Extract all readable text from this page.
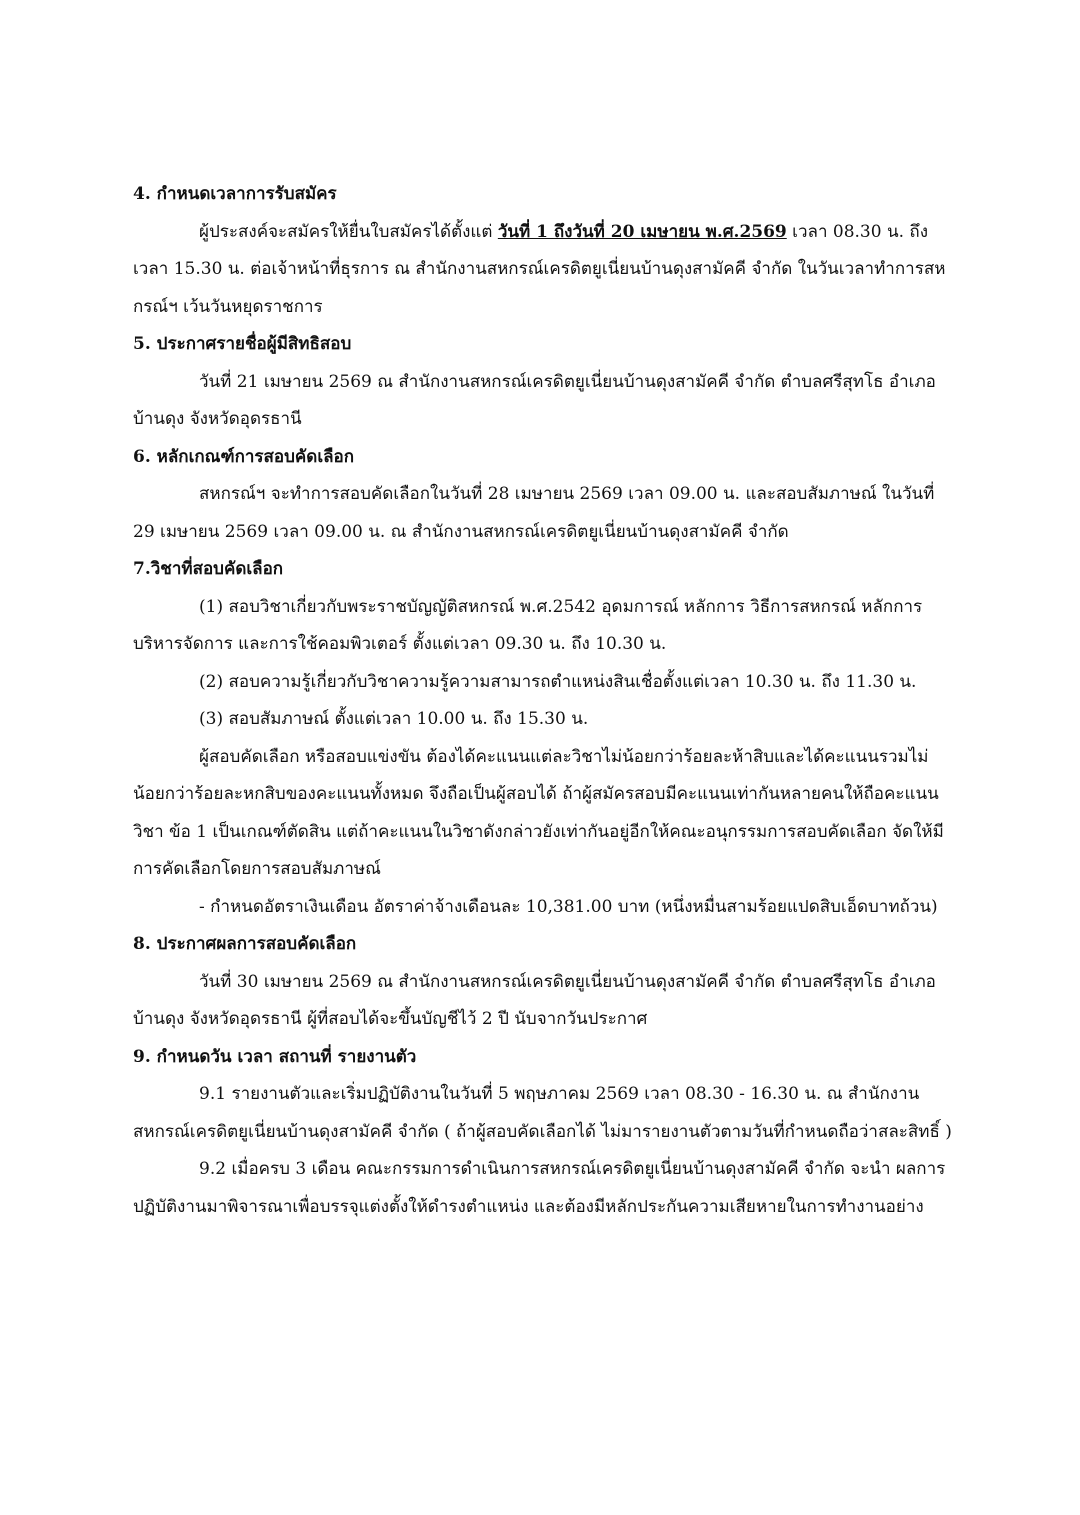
4. กำหนดเวลาการรับสมัคร

ผู้ประสงค์จะสมัครให้ยื่นใบสมัครได้ตั้งแต่ วันที่ 1 ถึงวันที่ 20 เมษายน พ.ศ.2569 เวลา 08.30 น. ถึงเวลา 15.30 น. ต่อเจ้าหน้าที่ธุรการ ณ สำนักงานสหกรณ์เครดิตยูเนี่ยนบ้านดุงสามัคคี จำกัด ในวันเวลาทำการสหกรณ์ฯ เว้นวันหยุดราชการ

5. ประกาศรายชื่อผู้มีสิทธิสอบ

วันที่ 21 เมษายน 2569 ณ สำนักงานสหกรณ์เครดิตยูเนี่ยนบ้านดุงสามัคคี จำกัด ตำบลศรีสุทโธ อำเภอบ้านดุง จังหวัดอุดรธานี

6. หลักเกณฑ์การสอบคัดเลือก

สหกรณ์ฯ จะทำการสอบคัดเลือกในวันที่ 28 เมษายน 2569 เวลา 09.00 น. และสอบสัมภาษณ์ ในวันที่ 29 เมษายน 2569 เวลา 09.00 น. ณ สำนักงานสหกรณ์เครดิตยูเนี่ยนบ้านดุงสามัคคี จำกัด

7.วิชาที่สอบคัดเลือก

(1) สอบวิชาเกี่ยวกับพระราชบัญญัติสหกรณ์ พ.ศ.2542 อุดมการณ์ หลักการ วิธีการสหกรณ์ หลักการบริหารจัดการ และการใช้คอมพิวเตอร์ ตั้งแต่เวลา 09.30 น. ถึง 10.30 น.

(2) สอบความรู้เกี่ยวกับวิชาความรู้ความสามารถตำแหน่งสินเชื่อตั้งแต่เวลา 10.30 น. ถึง 11.30 น.

(3) สอบสัมภาษณ์ ตั้งแต่เวลา 10.00 น. ถึง 15.30 น.

ผู้สอบคัดเลือก หรือสอบแข่งขัน ต้องได้คะแนนแต่ละวิชาไม่น้อยกว่าร้อยละห้าสิบและได้คะแนนรวมไม่น้อยกว่าร้อยละหกสิบของคะแนนทั้งหมด จึงถือเป็นผู้สอบได้ ถ้าผู้สมัครสอบมีคะแนนเท่ากันหลายคนให้ถือคะแนนวิชา ข้อ 1 เป็นเกณฑ์ตัดสิน แต่ถ้าคะแนนในวิชาดังกล่าวยังเท่ากันอยู่อีกให้คณะอนุกรรมการสอบคัดเลือก จัดให้มีการคัดเลือกโดยการสอบสัมภาษณ์

- กำหนดอัตราเงินเดือน อัตราค่าจ้างเดือนละ 10,381.00 บาท (หนึ่งหมื่นสามร้อยแปดสิบเอ็ดบาทถ้วน)

8. ประกาศผลการสอบคัดเลือก

วันที่ 30 เมษายน 2569 ณ สำนักงานสหกรณ์เครดิตยูเนี่ยนบ้านดุงสามัคคี จำกัด ตำบลศรีสุทโธ อำเภอบ้านดุง จังหวัดอุดรธานี ผู้ที่สอบได้จะขึ้นบัญชีไว้ 2 ปี นับจากวันประกาศ

9. กำหนดวัน เวลา สถานที่ รายงานตัว

9.1 รายงานตัวและเริ่มปฏิบัติงานในวันที่ 5 พฤษภาคม 2569 เวลา 08.30 - 16.30 น. ณ สำนักงานสหกรณ์เครดิตยูเนี่ยนบ้านดุงสามัคคี จำกัด ( ถ้าผู้สอบคัดเลือกได้ ไม่มารายงานตัวตามวันที่กำหนดถือว่าสละสิทธิ์ )

9.2 เมื่อครบ 3 เดือน คณะกรรมการดำเนินการสหกรณ์เครดิตยูเนี่ยนบ้านดุงสามัคคี จำกัด จะนำ ผลการปฏิบัติงานมาพิจารณาเพื่อบรรจุแต่งตั้งให้ดำรงตำแหน่ง และต้องมีหลักประกันความเสียหายในการทำงานอย่าง
